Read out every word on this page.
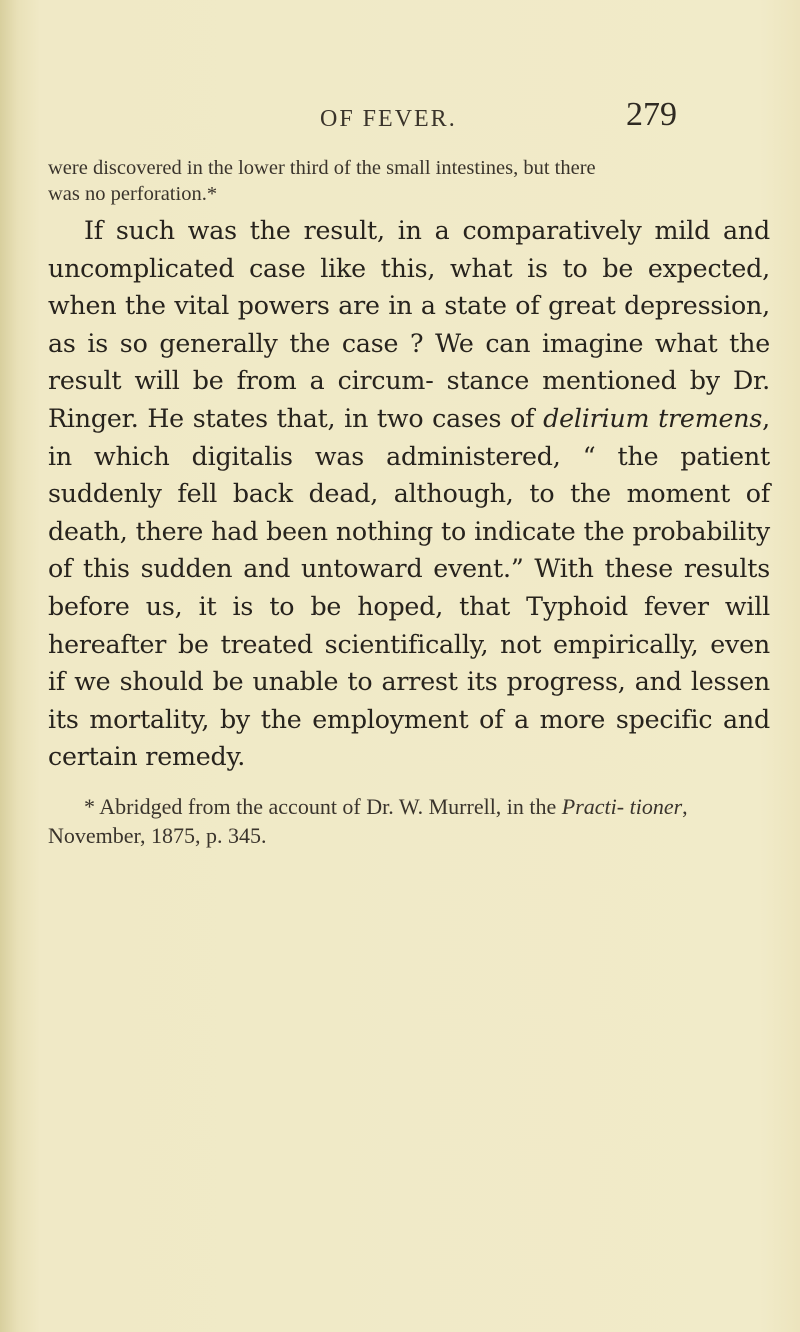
OF FEVER.	279
were discovered in the lower third of the small intestines, but there
was no perforation.*

If such was the result, in a comparatively mild and uncomplicated case like this, what is to be expected, when the vital powers are in a state of great depression, as is so generally the case ? We can imagine what the result will be from a circum- stance mentioned by Dr. Ringer. He states that, in two cases of delirium tremens, in which digitalis was administered, “ the patient suddenly fell back dead, although, to the moment of death, there had been nothing to indicate the probability of this sudden and untoward event.” With these results before us, it is to be hoped, that Typhoid fever will hereafter be treated scientifically, not empirically, even if we should be unable to arrest its progress, and lessen its mortality, by the employment of a more specific and certain remedy.

* Abridged from the account of Dr. W. Murrell, in the Practi- tioner, November, 1875, p. 345.
